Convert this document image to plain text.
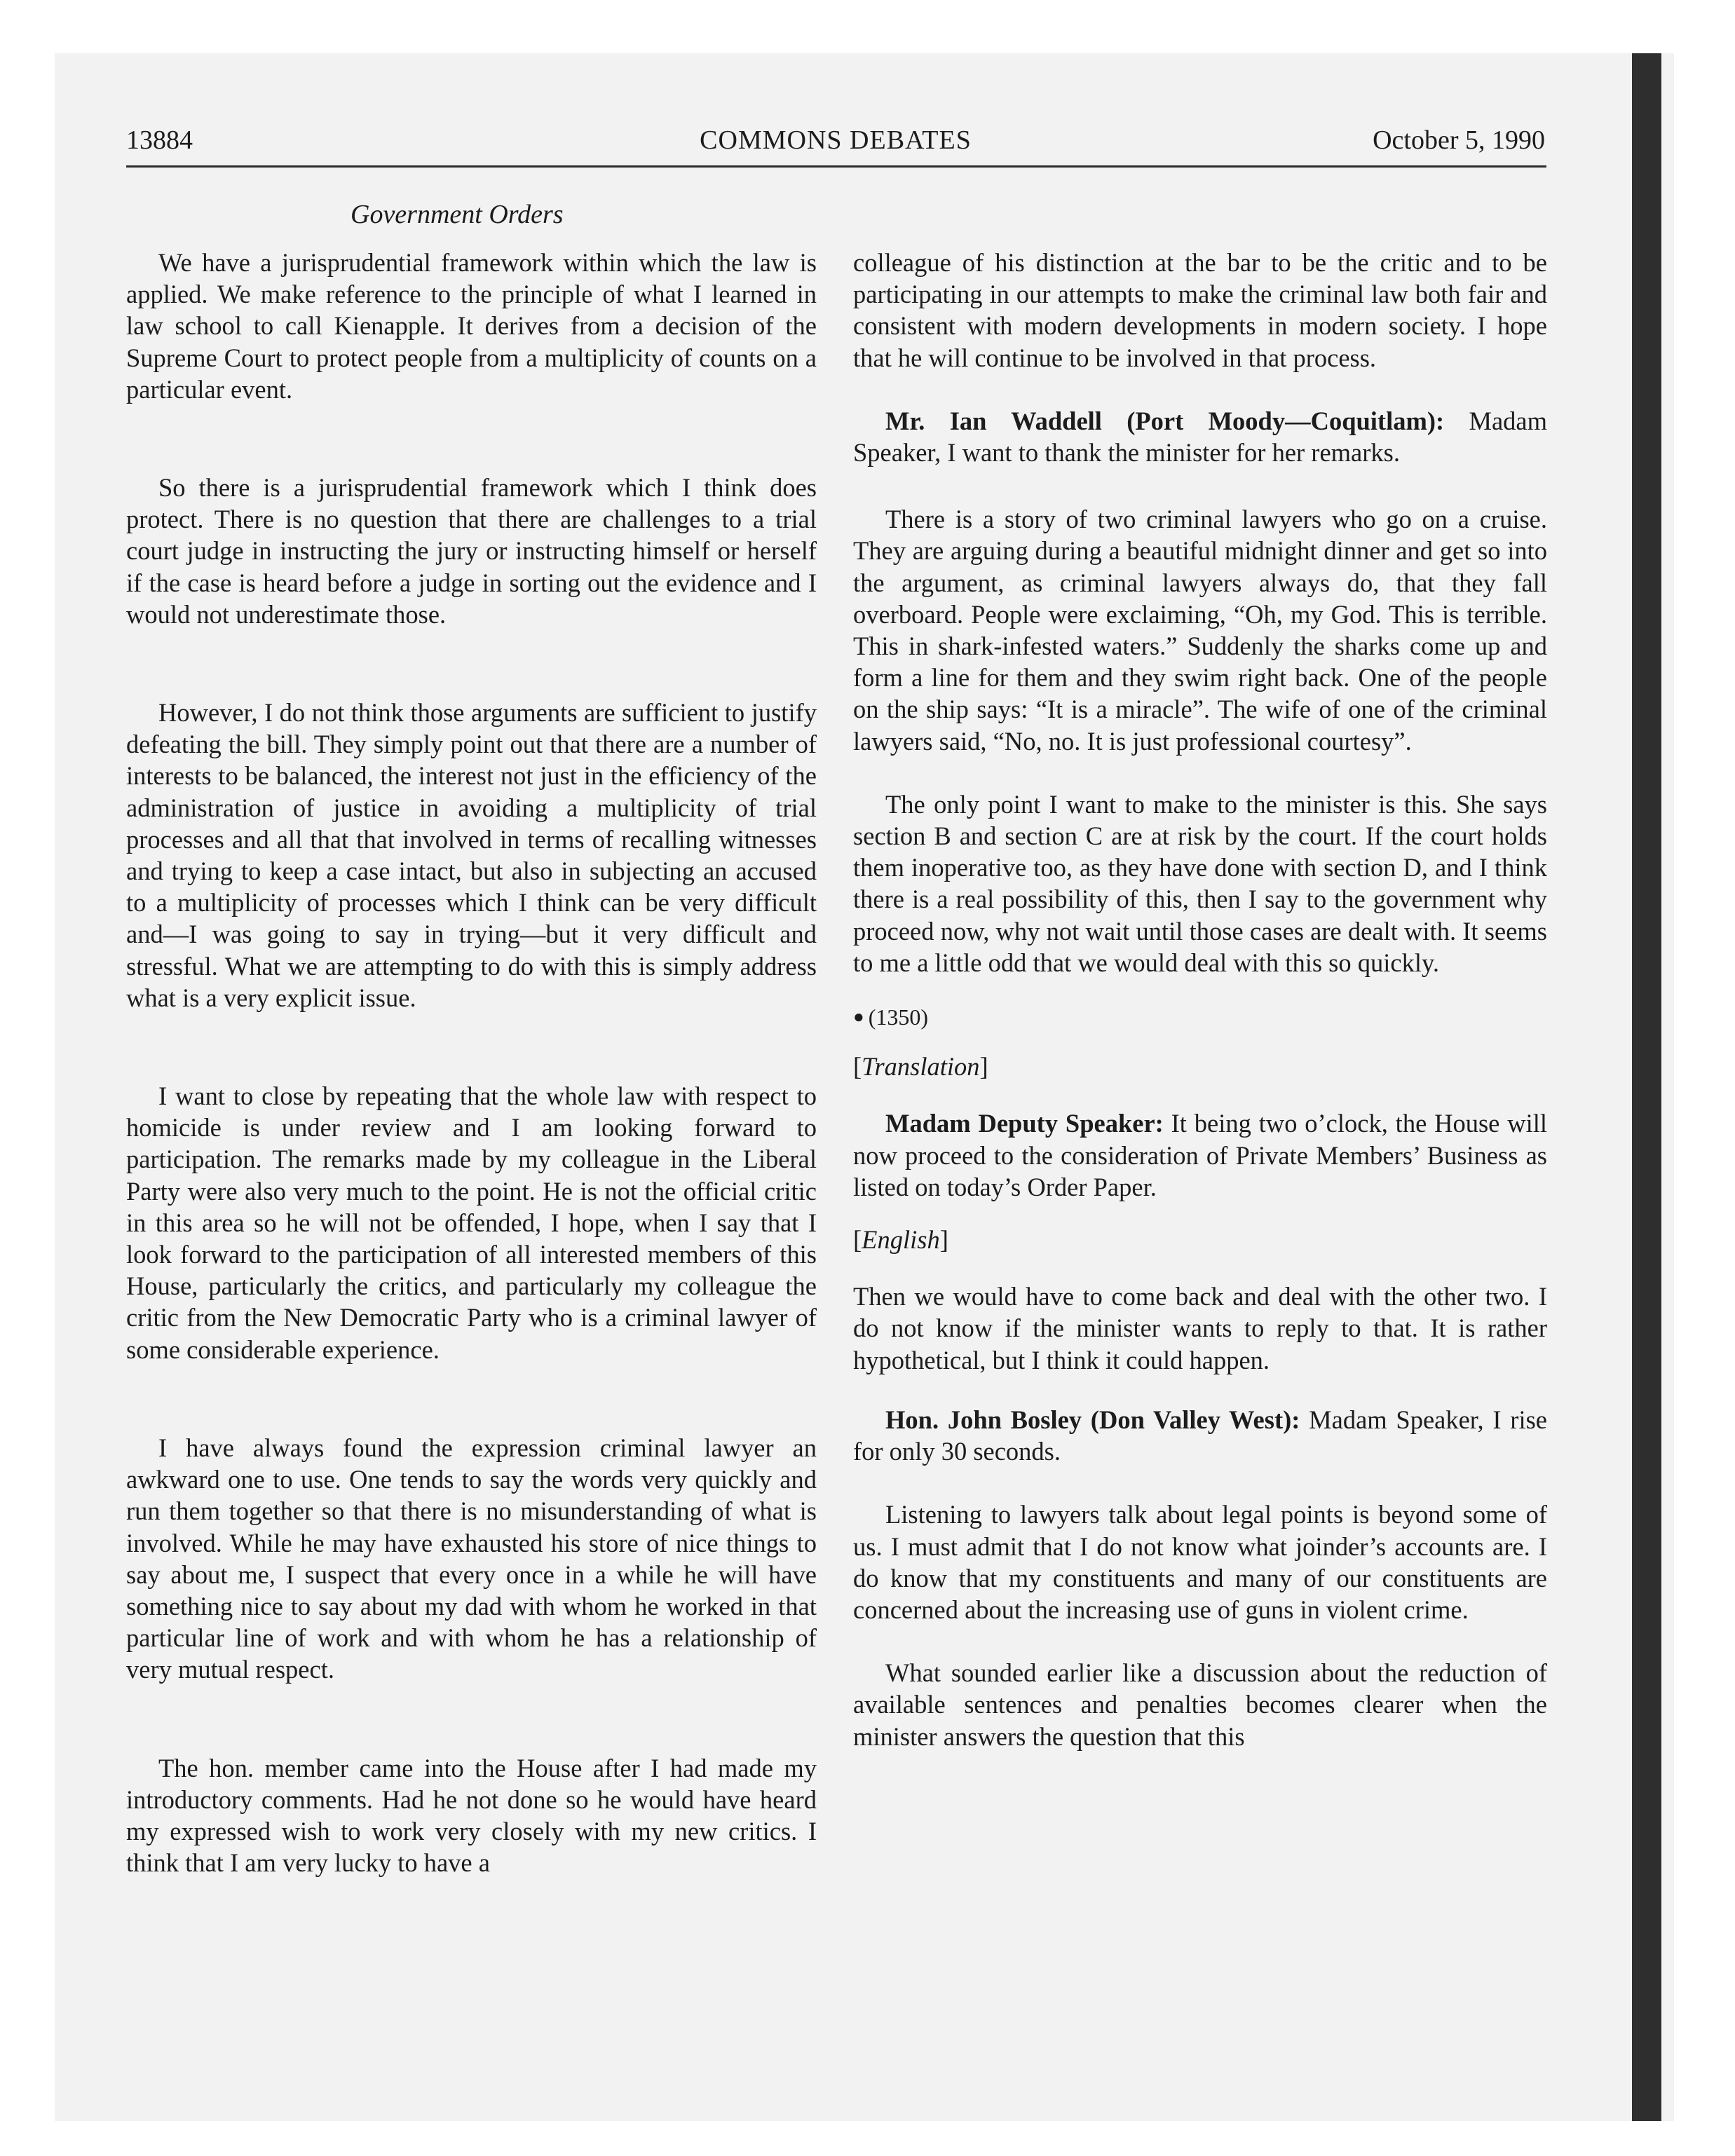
13884	COMMONS DEBATES	October 5, 1990
Government Orders

We have a jurisprudential framework within which the law is applied. We make reference to the principle of what I learned in law school to call Kienapple. It derives from a decision of the Supreme Court to protect people from a multiplicity of counts on a particular event.

So there is a jurisprudential framework which I think does protect. There is no question that there are challenges to a trial court judge in instructing the jury or instructing himself or herself if the case is heard before a judge in sorting out the evidence and I would not underestimate those.

However, I do not think those arguments are sufficient to justify defeating the bill. They simply point out that there are a number of interests to be balanced, the interest not just in the efficiency of the administration of justice in avoiding a multiplicity of trial processes and all that that involved in terms of recalling witnesses and trying to keep a case intact, but also in subjecting an accused to a multiplicity of processes which I think can be very difficult and—I was going to say in trying—but it very difficult and stressful. What we are attempting to do with this is simply address what is a very explicit issue.

I want to close by repeating that the whole law with respect to homicide is under review and I am looking forward to participation. The remarks made by my colleague in the Liberal Party were also very much to the point. He is not the official critic in this area so he will not be offended, I hope, when I say that I look forward to the participation of all interested members of this House, particularly the critics, and particularly my colleague the critic from the New Democratic Party who is a criminal lawyer of some considerable experience.

I have always found the expression criminal lawyer an awkward one to use. One tends to say the words very quickly and run them together so that there is no misunderstanding of what is involved. While he may have exhausted his store of nice things to say about me, I suspect that every once in a while he will have something nice to say about my dad with whom he worked in that particular line of work and with whom he has a relationship of very mutual respect.

The hon. member came into the House after I had made my introductory comments. Had he not done so he would have heard my expressed wish to work very closely with my new critics. I think that I am very lucky to have a

colleague of his distinction at the bar to be the critic and to be participating in our attempts to make the criminal law both fair and consistent with modern developments in modern society. I hope that he will continue to be involved in that process.

Mr. Ian Waddell (Port Moody—Coquitlam): Madam Speaker, I want to thank the minister for her remarks.

There is a story of two criminal lawyers who go on a cruise. They are arguing during a beautiful midnight dinner and get so into the argument, as criminal lawyers always do, that they fall overboard. People were exclaiming, “Oh, my God. This is terrible. This in shark-infested waters.” Suddenly the sharks come up and form a line for them and they swim right back. One of the people on the ship says: “It is a miracle”. The wife of one of the criminal lawyers said, “No, no. It is just professional courtesy”.

The only point I want to make to the minister is this. She says section B and section C are at risk by the court. If the court holds them inoperative too, as they have done with section D, and I think there is a real possibility of this, then I say to the government why proceed now, why not wait until those cases are dealt with. It seems to me a little odd that we would deal with this so quickly.

● (1350)

[Translation]

Madam Deputy Speaker: It being two o’clock, the House will now proceed to the consideration of Private Members’ Business as listed on today’s Order Paper.

[English]

Then we would have to come back and deal with the other two. I do not know if the minister wants to reply to that. It is rather hypothetical, but I think it could happen.

Hon. John Bosley (Don Valley West): Madam Speaker, I rise for only 30 seconds.

Listening to lawyers talk about legal points is beyond some of us. I must admit that I do not know what joinder’s accounts are. I do know that my constituents and many of our constituents are concerned about the increasing use of guns in violent crime.

What sounded earlier like a discussion about the reduction of available sentences and penalties becomes clearer when the minister answers the question that this
